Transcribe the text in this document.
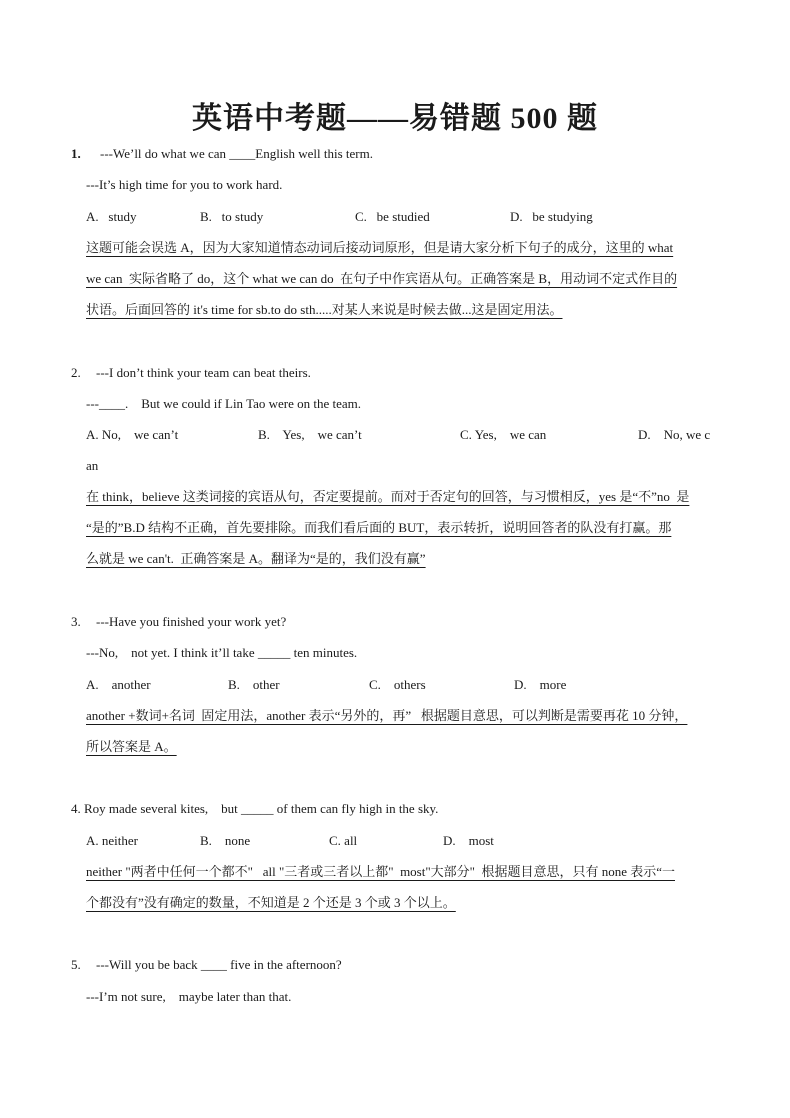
英语中考题——易错题 500 题
1. ---We’ll do what we can ____English well this term.
---It’s high time for you to work hard.
A.   study	B.   to study	C.   be studied	D.   be studying
这题可能会误选 A，因为大家知道情态动词后接动词原形，但是请大家分析下句子的成分，这里的 what
we can  实际省略了 do，这个 what we can do  在句子中作宾语从句。正确答案是 B，用动词不定式作目的
状语。后面回答的 it's time for sb.to do sth.....对某人来说是时候去做...这是固定用法。
2. ---I don’t think your team can beat theirs.
---____.    But we could if Lin Tao were on the team.
A. No,    we can’t	B.    Yes,    we can’t	C. Yes,    we can	D.    No, we c
an
在 think，believe 这类词接的宾语从句，否定要提前。而对于否定句的回答，与习惯相反，yes 是“不”no  是
“是的”B.D 结构不正确，首先要排除。而我们看后面的 BUT，表示转折，说明回答者的队没有打赢。那
么就是 we can't.  正确答案是 A。翻译为“是的，我们没有赢”
3. ---Have you finished your work yet?
---No,    not yet. I think it’ll take _____ ten minutes.
A.    another	B.    other	C.    others	D.    more
another +数词+名词  固定用法，another 表示“另外的，再”   根据题目意思，可以判断是需要再花 10 分钟，
所以答案是 A。
4. Roy made several kites,    but _____ of them can fly high in the sky.
A. neither	B.    none	C. all	D.    most
neither "两者中任何一个都不"   all "三者或三者以上都"  most"大部分"  根据题目意思，只有 none 表示“一
个都没有”没有确定的数量，不知道是 2 个还是 3 个或 3 个以上。
5. ---Will you be back ____ five in the afternoon?
---I’m not sure,    maybe later than that.
